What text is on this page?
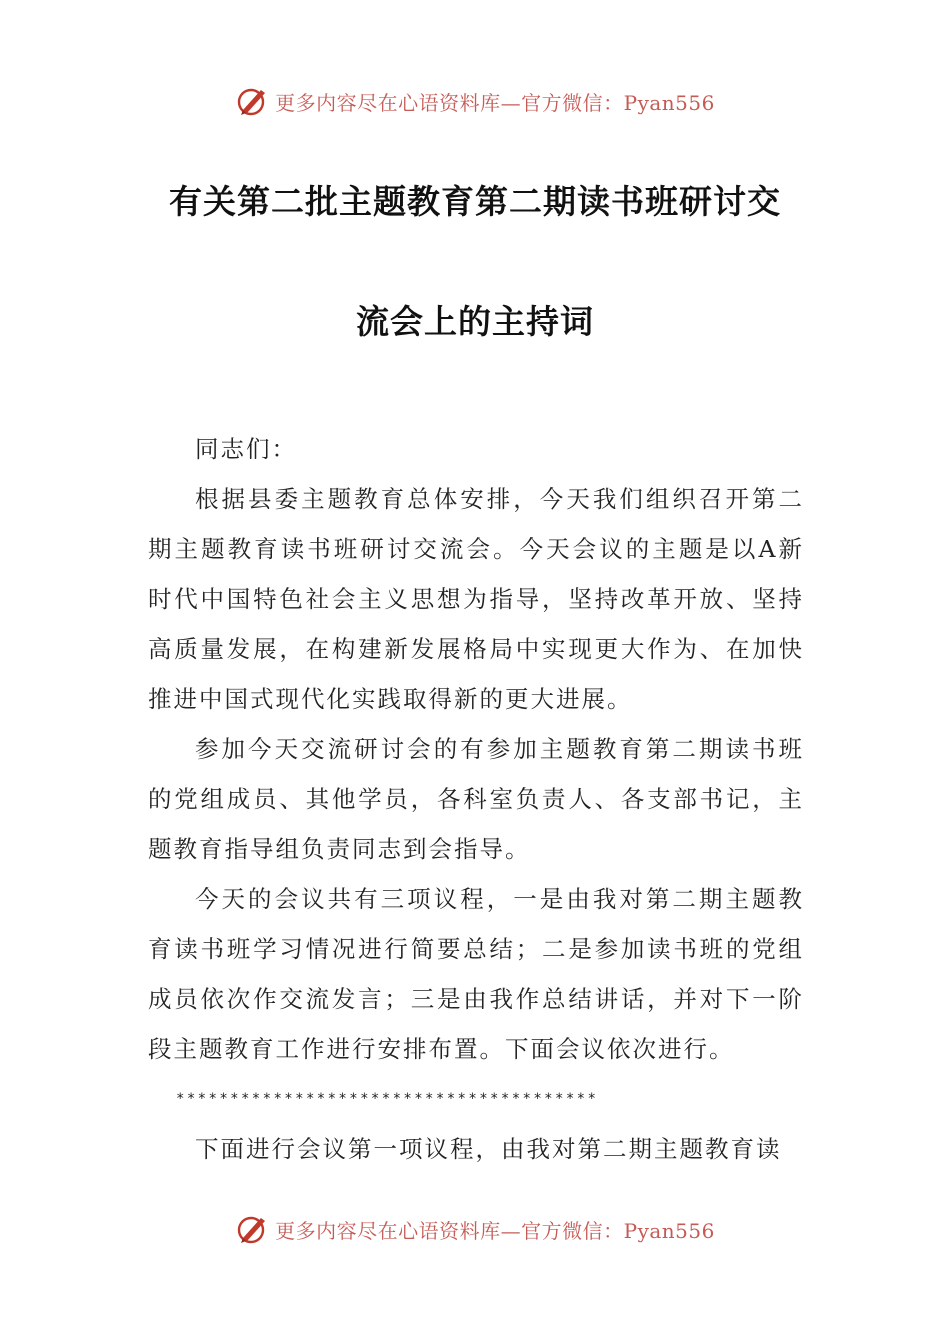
更多内容尽在心语资料库—官方微信：Pyan556
有关第二批主题教育第二期读书班研讨交
流会上的主持词

同志们：

根据县委主题教育总体安排，今天我们组织召开第二期主题教育读书班研讨交流会。今天会议的主题是以A新时代中国特色社会主义思想为指导，坚持改革开放、坚持高质量发展，在构建新发展格局中实现更大作为、在加快推进中国式现代化实践取得新的更大进展。

参加今天交流研讨会的有参加主题教育第二期读书班的党组成员、其他学员，各科室负责人、各支部书记，主题教育指导组负责同志到会指导。

今天的会议共有三项议程，一是由我对第二期主题教育读书班学习情况进行简要总结；二是参加读书班的党组成员依次作交流发言；三是由我作总结讲话，并对下一阶段主题教育工作进行安排布置。下面会议依次进行。

***************************************

下面进行会议第一项议程，由我对第二期主题教育读

更多内容尽在心语资料库—官方微信：Pyan556
